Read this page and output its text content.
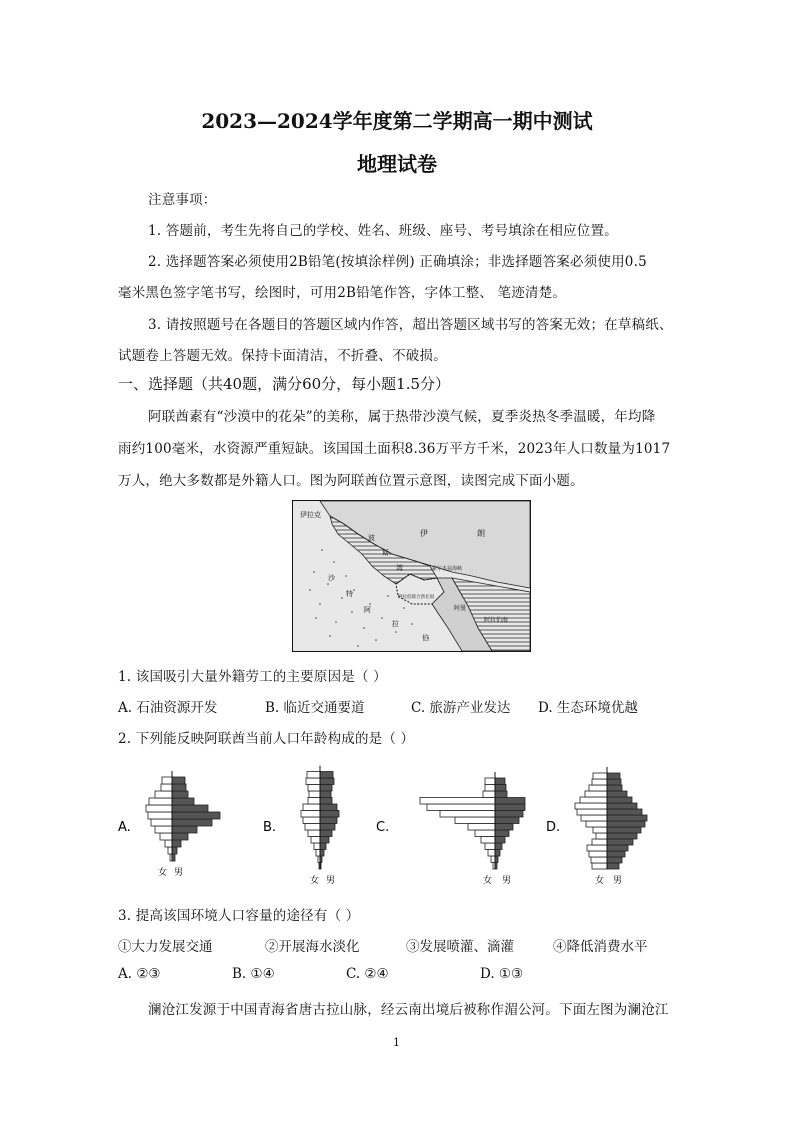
2023—2024学年度第二学期高一期中测试
地理试卷
注意事项：
1. 答题前，考生先将自己的学校、姓名、班级、座号、考号填涂在相应位置。
2. 选择题答案必须使用2B铅笔(按填涂样例) 正确填涂；非选择题答案必须使用0.5
毫米黑色签字笔书写，绘图时，可用2B铅笔作答，字体工整、 笔迹清楚。
3. 请按照题号在各题目的答题区域内作答，超出答题区域书写的答案无效；在草稿纸、
试题卷上答题无效。保持卡面清洁，不折叠、不破损。
一、选择题（共40题，满分60分，每小题1.5分）
阿联酋素有“沙漠中的花朵”的美称，属于热带沙漠气候，夏季炎热冬季温暖，年均降
雨约100毫米，水资源严重短缺。该国国土面积8.36万平方千米，2023年人口数量为1017
万人，绝大多数都是外籍人口。图为阿联酋位置示意图，读图完成下面小题。
伊拉克
伊	朗
波
斯
湾	霍尔木兹海峡
沙
特
阿
拉
伯
阿拉伯联合酋长国
阿曼
阿拉伯海
1. 该国吸引大量外籍劳工的主要原因是（ ）
A. 石油资源开发	B. 临近交通要道	C. 旅游产业发达 D. 生态环境优越
2. 下列能反映阿联酋当前人口年龄构成的是（ ）
A.	B.	C.	D.
女 男
女 男	女 男	女 男
3. 提高该国环境人口容量的途径有（ ）
①大力发展交通	②开展海水淡化	③发展喷灌、滴灌	④降低消费水平
A. ②③	B. ①④	C. ②④	D. ①③
澜沧江发源于中国青海省唐古拉山脉，经云南出境后被称作湄公河。下面左图为澜沧江
1
